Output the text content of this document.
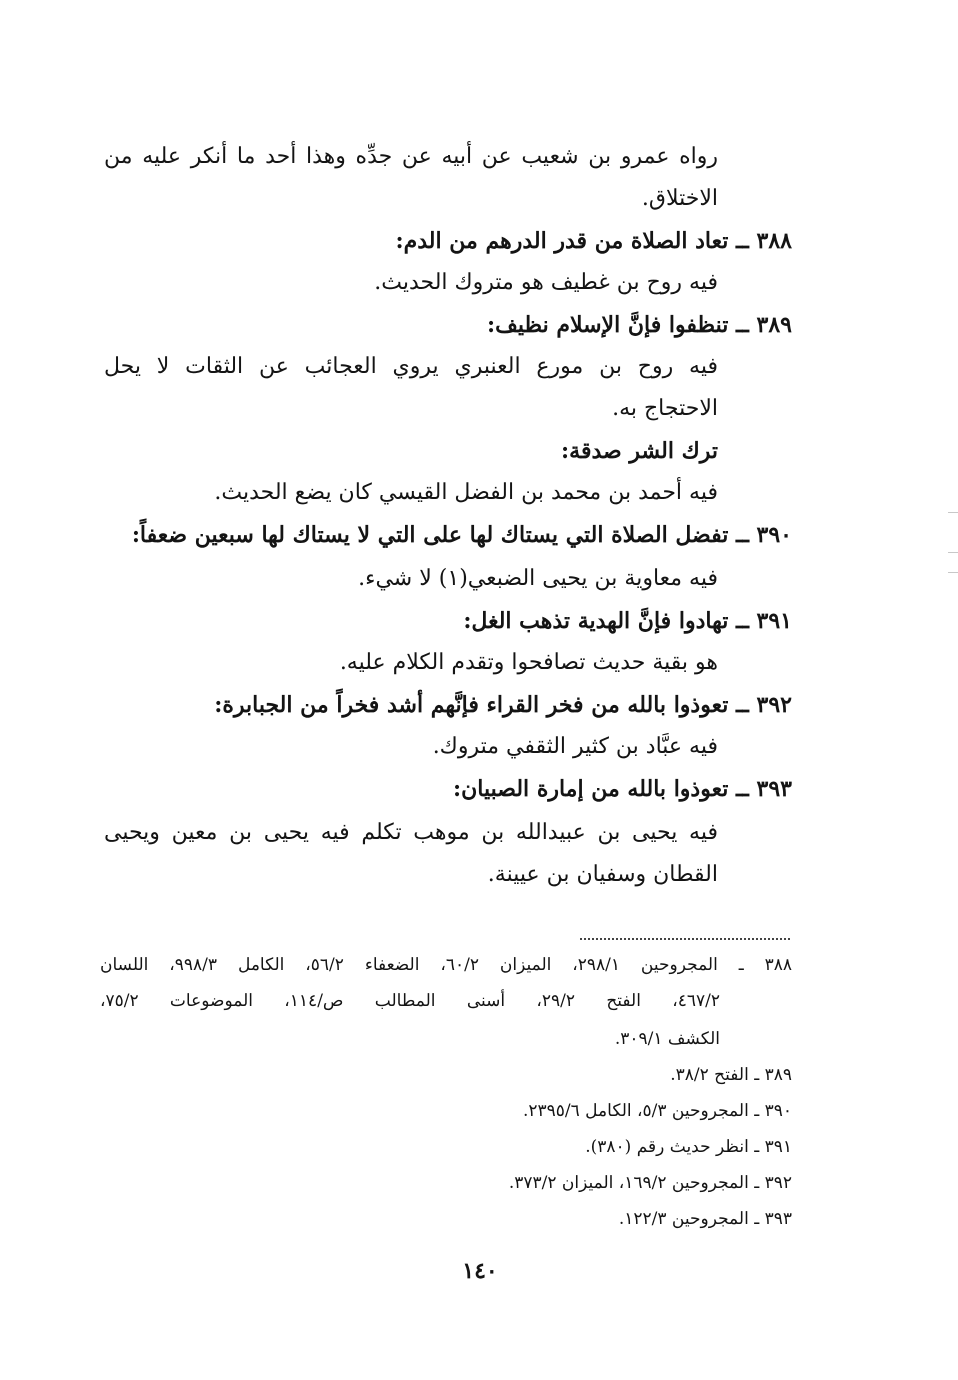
رواه عمرو بن شعيب عن أبيه عن جدِّه وهذا أحد ما أنكر عليه من
الاختلاق.
٣٨٨ ــ تعاد الصلاة من قدر الدرهم من الدم:
فيه روح بن غطيف هو متروك الحديث.
٣٨٩ ــ تنظفوا فإنَّ الإسلام نظيف:
فيه روح بن مورع العنبري يروي العجائب عن الثقات لا يحل
الاحتجاج به.
ترك الشر صدقة:
فيه أحمد بن محمد بن الفضل القيسي كان يضع الحديث.
٣٩٠ ــ تفضل الصلاة التي يستاك لها على التي لا يستاك لها سبعين ضعفاً:
فيه معاوية بن يحيى الضبعي(١) لا شيء.
٣٩١ ــ تهادوا فإنَّ الهدية تذهب الغل:
هو بقية حديث تصافحوا وتقدم الكلام عليه.
٣٩٢ ــ تعوذوا بالله من فخر القراء فإنَّهم أشد فخراً من الجبابرة:
فيه عبَّاد بن كثير الثقفي متروك.
٣٩٣ ــ تعوذوا بالله من إمارة الصبيان:
فيه يحيى بن عبيدالله بن موهب تكلم فيه يحيى بن معين ويحيى
القطان وسفيان بن عيينة.
٣٨٨ ـ المجروحين ٢٩٨/١، الميزان ٦٠/٢، الضعفاء ٥٦/٢، الكامل ٩٩٨/٣، اللسان
٤٦٧/٢، الفتح ٢٩/٢، أسنى المطالب ص/١١٤، الموضوعات ٧٥/٢،
الكشف ٣٠٩/١.
٣٨٩ ـ الفتح ٣٨/٢.
٣٩٠ ـ المجروحين ٥/٣، الكامل ٢٣٩٥/٦.
٣٩١ ـ انظر حديث رقم (٣٨٠).
٣٩٢ ـ المجروحين ١٦٩/٢، الميزان ٣٧٣/٢.
٣٩٣ ـ المجروحين ١٢٢/٣.
١٤٠
